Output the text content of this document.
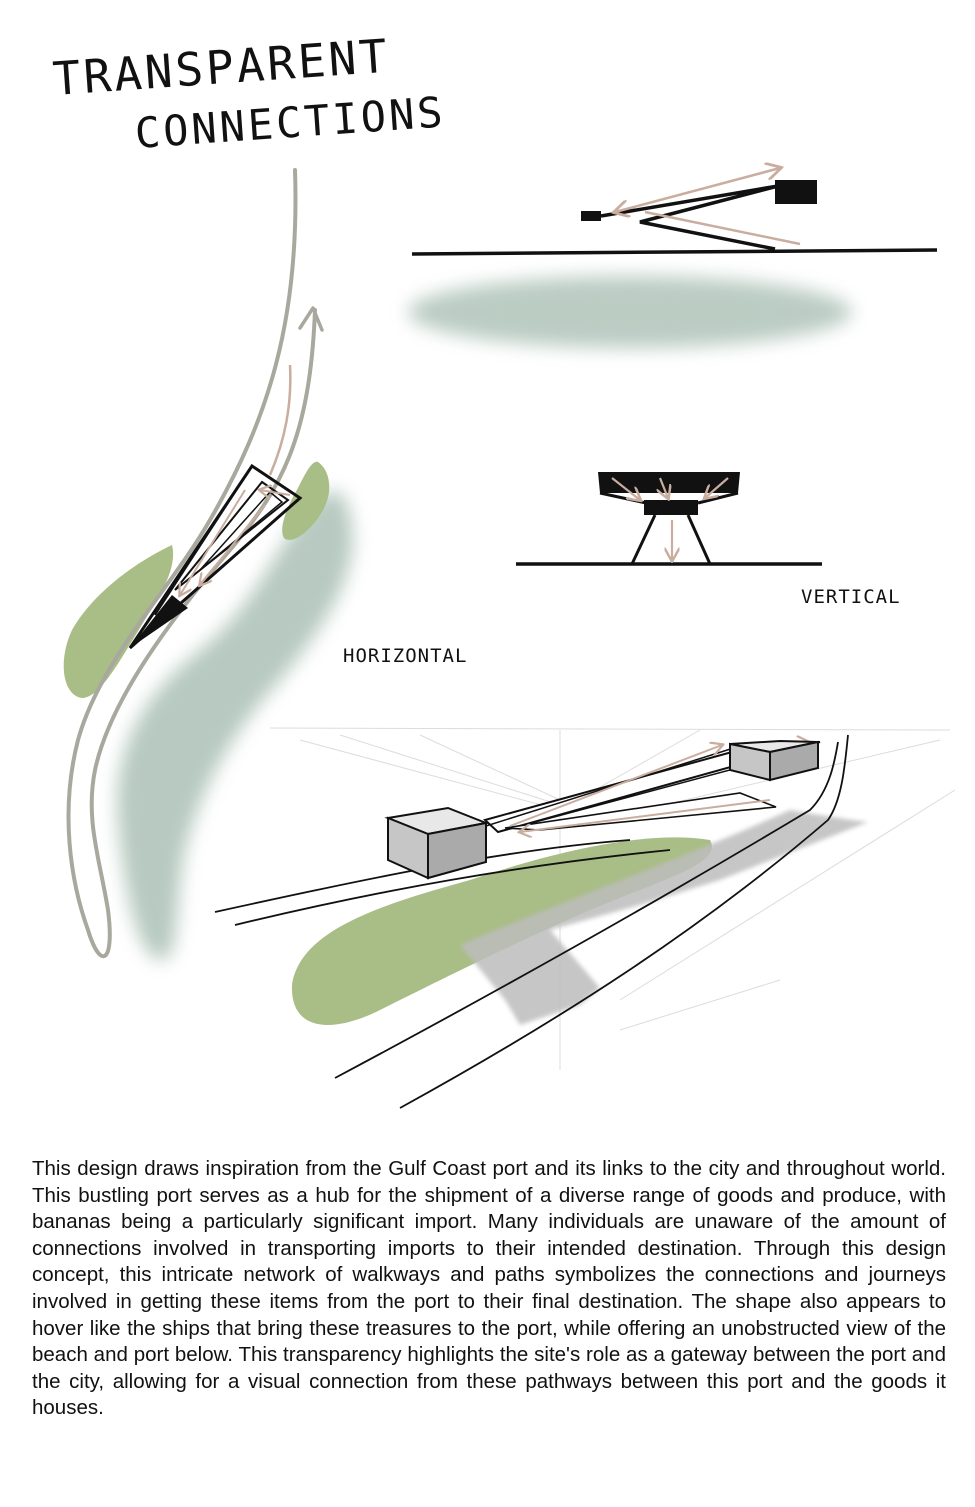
TRANSPARENT
CONNECTIONS
HORIZONTAL
VERTICAL

This design draws inspiration from the Gulf Coast port and its links to the city and throughout world. This bustling port serves as a hub for the shipment of a diverse range of goods and produce, with bananas being a particularly significant import. Many individuals are unaware of the amount of connections involved in transporting imports to their intended destination. Through this design concept, this intricate network of walkways and paths symbolizes the connections and journeys involved in getting these items from the port to their final destination. The shape also appears to hover like the ships that bring these treasures to the port, while offering an unobstructed view of the beach and port below. This transparency highlights the site's role as a gateway between the port and the city, allowing for a visual connection from these pathways between this port and the goods it houses.
